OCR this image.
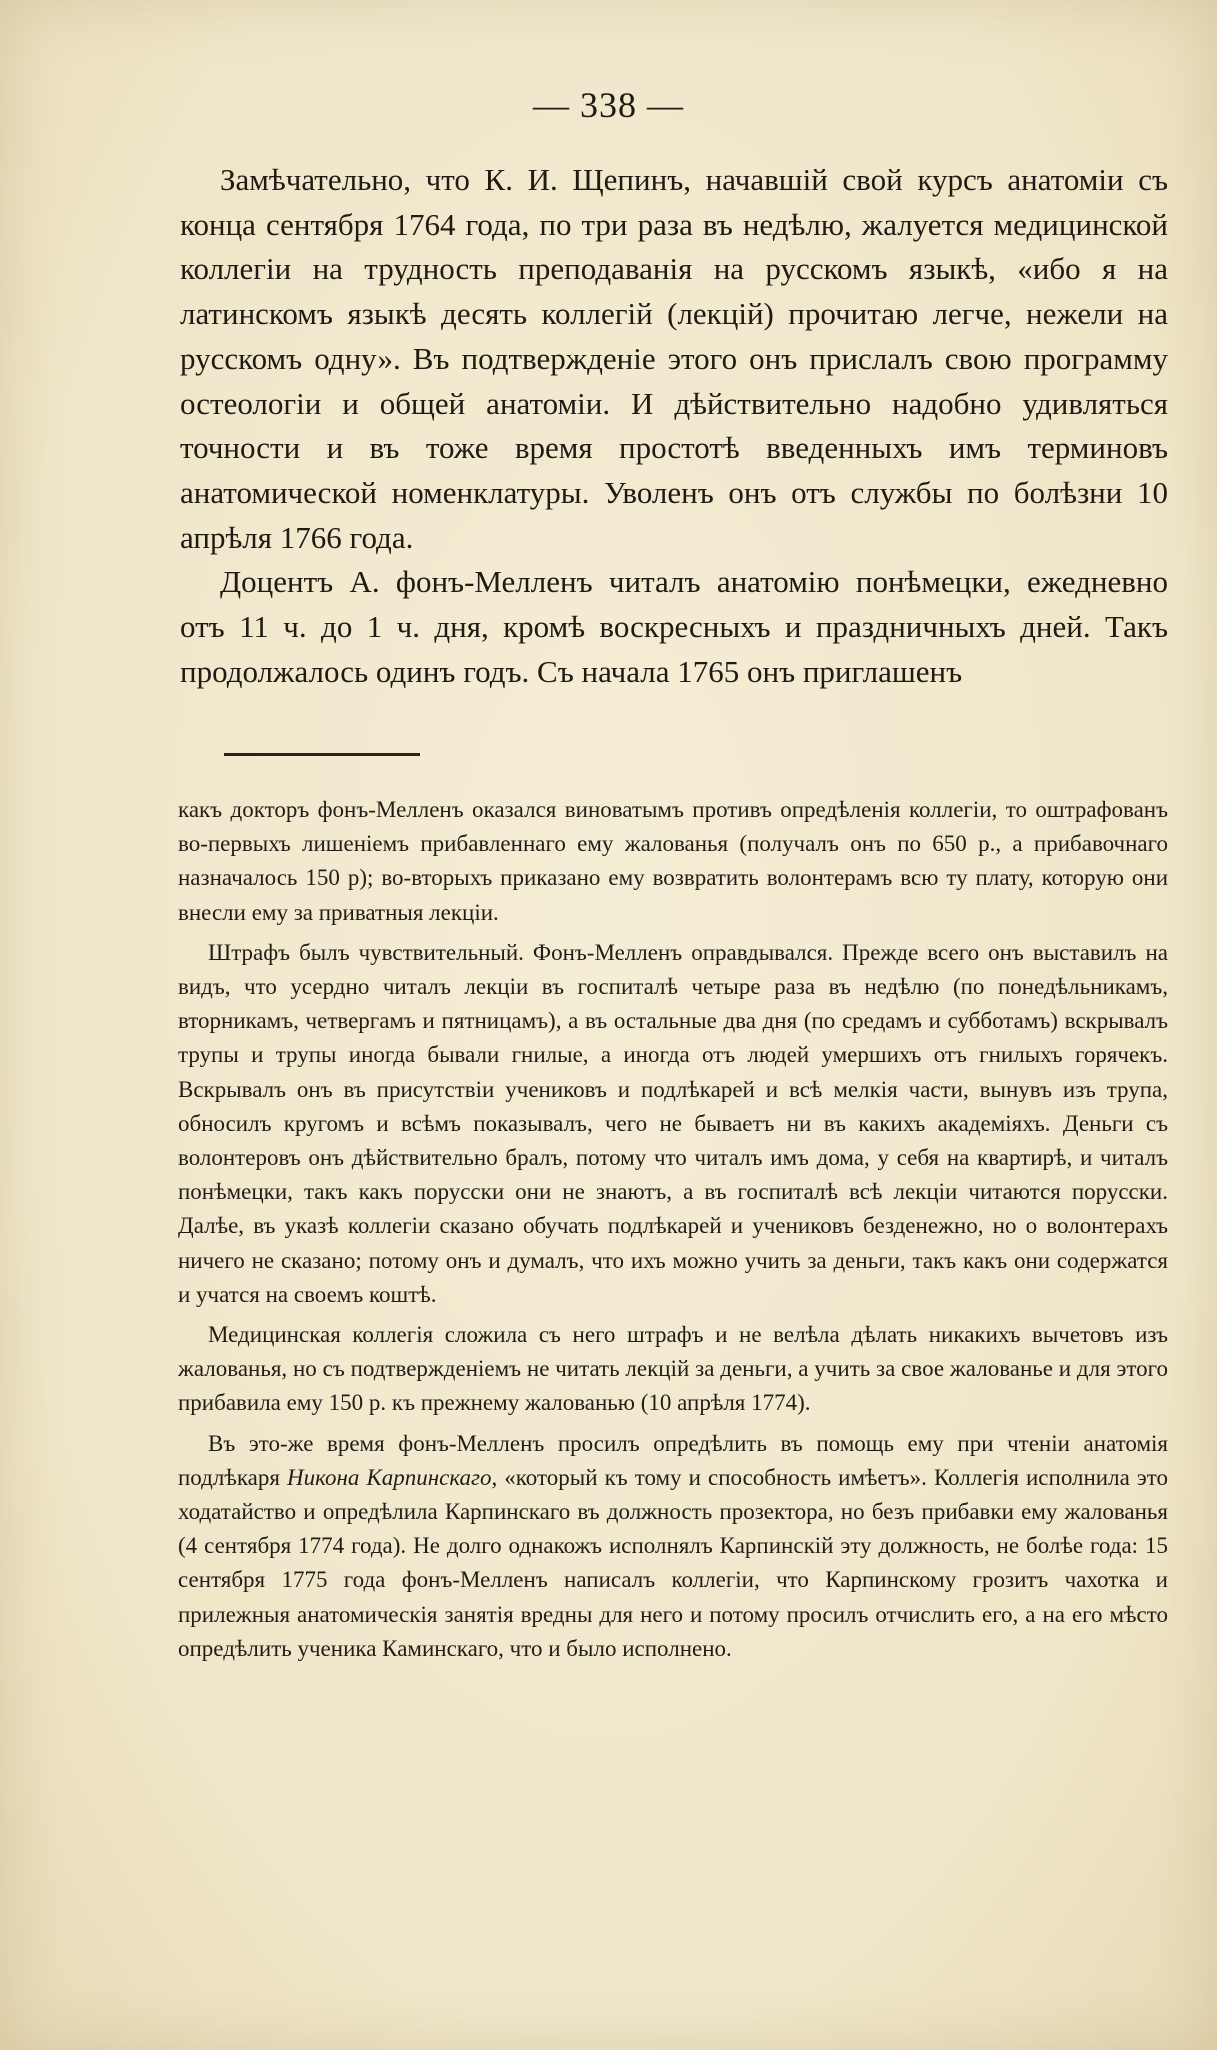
— 338 —

Замѣчательно, что К. И. Щепинъ, начавшій свой курсъ анатоміи съ конца сентября 1764 года, по три раза въ недѣлю, жалуется медицинской коллегіи на трудность преподаванія на русскомъ языкѣ, «ибо я на латинскомъ языкѣ десять коллегій (лекцій) прочитаю легче, нежели на русскомъ одну». Въ подтвержденіе этого онъ прислалъ свою программу остеологіи и общей анатоміи. И дѣйствительно надобно удивляться точности и въ тоже время простотѣ введенныхъ имъ терминовъ анатомической номенклатуры. Уволенъ онъ отъ службы по болѣзни 10 апрѣля 1766 года.

Доцентъ А. фонъ-Мелленъ читалъ анатомію понѣмецки, ежедневно отъ 11 ч. до 1 ч. дня, кромѣ воскресныхъ и праздничныхъ дней. Такъ продолжалось одинъ годъ. Съ начала 1765 онъ приглашенъ

какъ докторъ фонъ-Мелленъ оказался виноватымъ противъ опредѣленія коллегіи, то оштрафованъ во-первыхъ лишеніемъ прибавленнаго ему жалованья (получалъ онъ по 650 р., а прибавочнаго назначалось 150 р); во-вторыхъ приказано ему возвратить волонтерамъ всю ту плату, которую они внесли ему за приватныя лекціи.

Штрафъ былъ чувствительный. Фонъ-Мелленъ оправдывался. Прежде всего онъ выставилъ на видъ, что усердно читалъ лекціи въ госпиталѣ четыре раза въ недѣлю (по понедѣльникамъ, вторникамъ, четвергамъ и пятницамъ), а въ остальные два дня (по средамъ и субботамъ) вскрывалъ трупы и трупы иногда бывали гнилые, а иногда отъ людей умершихъ отъ гнилыхъ горячекъ. Вскрывалъ онъ въ присутствіи учениковъ и подлѣкарей и всѣ мелкія части, вынувъ изъ трупа, обносилъ кругомъ и всѣмъ показывалъ, чего не бываетъ ни въ какихъ академіяхъ. Деньги съ волонтеровъ онъ дѣйствительно бралъ, потому что читалъ имъ дома, у себя на квартирѣ, и читалъ понѣмецки, такъ какъ порусски они не знаютъ, а въ госпиталѣ всѣ лекціи читаются порусски. Далѣе, въ указѣ коллегіи сказано обучать подлѣкарей и учениковъ безденежно, но о волонтерахъ ничего не сказано; потому онъ и думалъ, что ихъ можно учить за деньги, такъ какъ они содержатся и учатся на своемъ коштѣ.

Медицинская коллегія сложила съ него штрафъ и не велѣла дѣлать никакихъ вычетовъ изъ жалованья, но съ подтвержденіемъ не читать лекцій за деньги, а учить за свое жалованье и для этого прибавила ему 150 р. къ прежнему жалованью (10 апрѣля 1774).

Въ это-же время фонъ-Мелленъ просилъ опредѣлить въ помощь ему при чтеніи анатомія подлѣкаря Никона Карпинскаго, «который къ тому и способность имѣетъ». Коллегія исполнила это ходатайство и опредѣлила Карпинскаго въ должность прозектора, но безъ прибавки ему жалованья (4 сентября 1774 года). Не долго однакожъ исполнялъ Карпинскій эту должность, не болѣе года: 15 сентября 1775 года фонъ-Мелленъ написалъ коллегіи, что Карпинскому грозитъ чахотка и прилежныя анатомическія занятія вредны для него и потому просилъ отчислить его, а на его мѣсто опредѣлить ученика Каминскаго, что и было исполнено.
